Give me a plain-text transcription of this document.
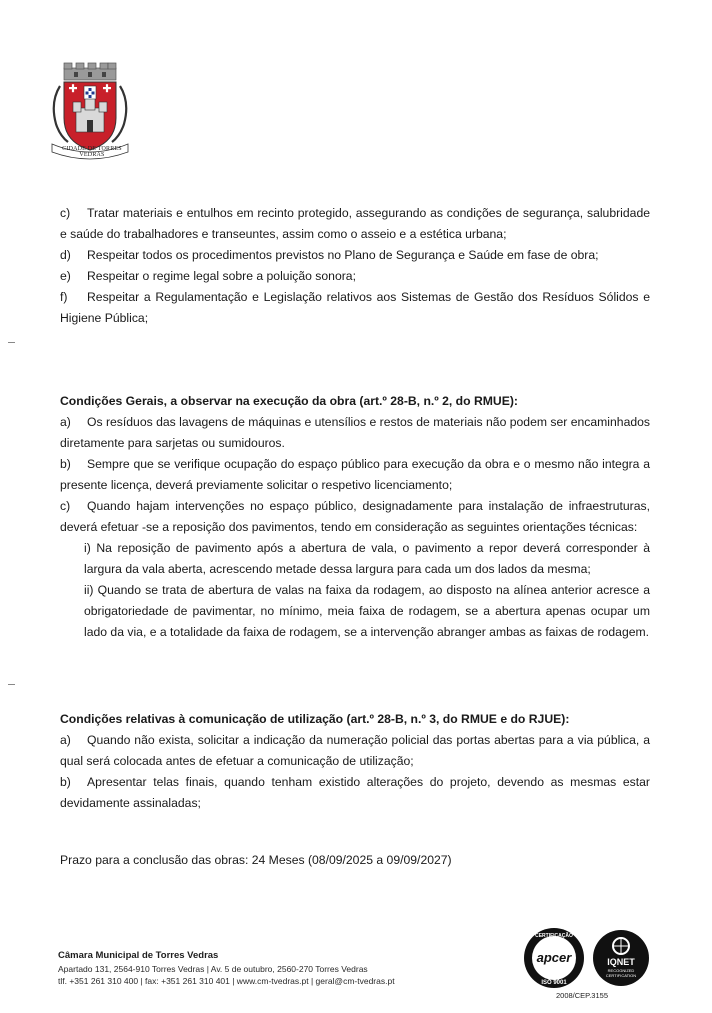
CIDADE DE TORRES VEDRAS

c) Tratar materiais e entulhos em recinto protegido, assegurando as condições de segurança, salubridade e saúde do trabalhadores e transeuntes, assim como o asseio e a estética urbana;

d) Respeitar todos os procedimentos previstos no Plano de Segurança e Saúde em fase de obra;

e) Respeitar o regime legal sobre a poluição sonora;

f) Respeitar a Regulamentação e Legislação relativos aos Sistemas de Gestão dos Resíduos Sólidos e Higiene Pública;

Condições Gerais, a observar na execução da obra (art.º 28-B, n.º 2, do RMUE):

a) Os resíduos das lavagens de máquinas e utensílios e restos de materiais não podem ser encaminhados diretamente para sarjetas ou sumidouros.

b) Sempre que se verifique ocupação do espaço público para execução da obra e o mesmo não integra a presente licença, deverá previamente solicitar o respetivo licenciamento;

c) Quando hajam intervenções no espaço público, designadamente para instalação de infraestruturas, deverá efetuar -se a reposição dos pavimentos, tendo em consideração as seguintes orientações técnicas:

i) Na reposição de pavimento após a abertura de vala, o pavimento a repor deverá corresponder à largura da vala aberta, acrescendo metade dessa largura para cada um dos lados da mesma;

ii) Quando se trata de abertura de valas na faixa da rodagem, ao disposto na alínea anterior acresce a obrigatoriedade de pavimentar, no mínimo, meia faixa de rodagem, se a abertura apenas ocupar um lado da via, e a totalidade da faixa de rodagem, se a intervenção abranger ambas as faixas de rodagem.

Condições relativas à comunicação de utilização (art.º 28-B, n.º 3, do RMUE e do RJUE):

a) Quando não exista, solicitar a indicação da numeração policial das portas abertas para a via pública, a qual será colocada antes de efetuar a comunicação de utilização;

b) Apresentar telas finais, quando tenham existido alterações do projeto, devendo as mesmas estar devidamente assinaladas;

Prazo para a conclusão das obras: 24 Meses (08/09/2025 a 09/09/2027)

Câmara Municipal de Torres Vedras
Apartado 131, 2564-910 Torres Vedras | Av. 5 de outubro, 2560-270 Torres Vedras
tlf. +351 261 310 400 | fax: +351 261 310 401 | www.cm-tvedras.pt | geral@cm-tvedras.pt
CERTIFICAÇÃO
apcer
ISO 9001
IQNET
RECOGNIZED
CERTIFICATION
2008/CEP.3155
